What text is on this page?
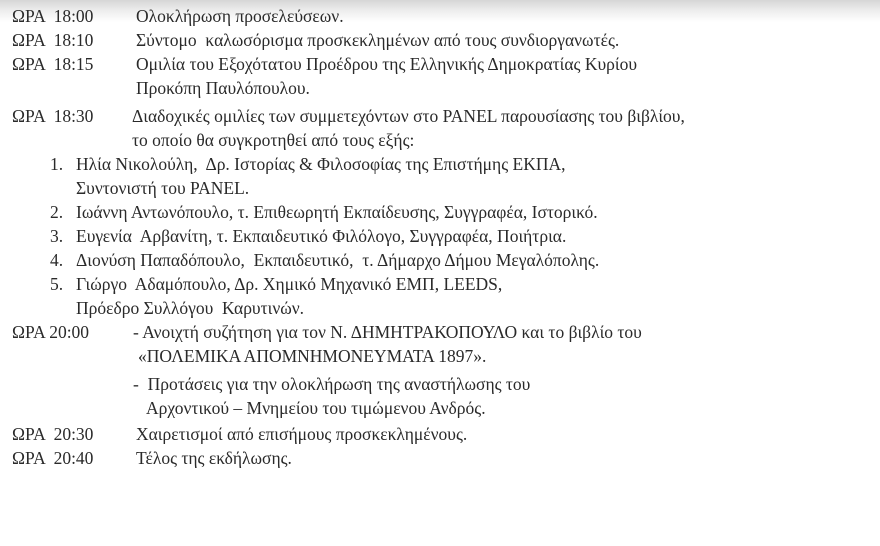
ΩΡΑ  18:00 Ολοκλήρωση προσελεύσεων.
ΩΡΑ  18:10 Σύντομο  καλωσόρισμα προσκεκλημένων από τους συνδιοργανωτές.
ΩΡΑ  18:15 Ομιλία του Εξοχότατου Προέδρου της Ελληνικής Δημοκρατίας Κυρίου
Προκόπη Παυλόπουλου.
ΩΡΑ  18:30 Διαδοχικές ομιλίες των συμμετεχόντων στο PANEL παρουσίασης του βιβλίου,
το οποίο θα συγκροτηθεί από τους εξής:
1. Ηλία Νικολούλη,  Δρ. Ιστορίας & Φιλοσοφίας της Επιστήμης ΕΚΠΑ,
Συντονιστή του PANEL.
2. Ιωάννη Αντωνόπουλο, τ. Επιθεωρητή Εκπαίδευσης, Συγγραφέα, Ιστορικό.
3. Ευγενία  Αρβανίτη, τ. Εκπαιδευτικό Φιλόλογο, Συγγραφέα, Ποιήτρια.
4. Διονύση Παπαδόπουλο,  Εκπαιδευτικό,  τ. Δήμαρχο Δήμου Μεγαλόπολης.
5. Γιώργο  Αδαμόπουλο, Δρ. Χημικό Μηχανικό ΕΜΠ, LEEDS,
Πρόεδρο Συλλόγου  Καρυτινών.
ΩΡΑ 20:00	- Ανοιχτή συζήτηση για τον Ν. ΔΗΜΗΤΡΑΚΟΠΟΥΛΟ και το βιβλίο του
«ΠΟΛΕΜΙΚΑ ΑΠΟΜΝΗΜΟΝΕΥΜΑΤΑ 1897».
-  Προτάσεις για την ολοκλήρωση της αναστήλωσης του
Αρχοντικού – Μνημείου του τιμώμενου Ανδρός.
ΩΡΑ  20:30 Χαιρετισμοί από επισήμους προσκεκλημένους.
ΩΡΑ  20:40 Τέλος της εκδήλωσης.
